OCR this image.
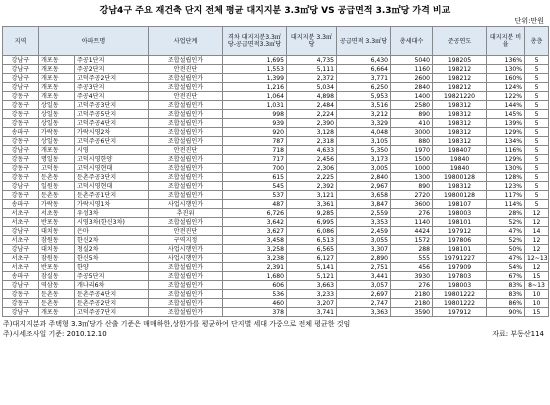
강남4구 주요 재건축 단지 전체 평균 대지지분 3.3㎡당 VS 공급면적 3.3㎡당 가격 비교
단위:만원
지역	아파트명		사업단계	격차 대지지분3.3㎡당-공급면적3.3㎡당	대지지분 3.3㎡당	공급면적 3.3㎡당	총세대수	준공연도	대지지분 비율	총층
강남구	개포동	주공1단지	조합설립인가	1,695	4,735	6,430	5040	198205	136%	5
강남구	개포동	주공2단지	안전진단	1,553	5,111	6,664	1160	198212	130%	5
강남구	개포동	고덕주공2단지	조합설립인가	1,399	2,372	3,771	2600	198212	160%	5
강남구	개포동	주공3단지	조합설립인가	1,216	5,034	6,250	2840	198212	124%	5
강동구	개포동	주공4단지	안전진단	1,064	4,898	5,953	1400	19821220	122%	5
강동구	상일동	고덕주공3단지	조합설립인가	1,031	2,484	3,516	2580	198312	144%	5
강동구	상일동	고덕주공5단지	조합설립인가	998	2,224	3,212	890	198312	145%	5
강동구	상일동	고덕주공4단지	조합설립인가	939	2,390	3,329	410	198312	139%	5
송파구	가락동	가락시영2차	조합설립인가	920	3,128	4,048	3000	198312	129%	5
강동구	상일동	고덕주공6단지	조합설립인가	787	2,318	3,105	880	198312	134%	5
강남구	개포동	시영	안전진단	718	4,633	5,350	1970	198407	116%	5
강동구	명일동	고덕시영한양	조합설립인가	717	2,456	3,173	1500	19840	129%	5
강동구	고덕동	고덕시영현대	조합설립인가	700	2,306	3,005	1000	19840	130%	5
강동구	둔촌동	둔촌주공3단지	조합설립인가	615	2,225	2,840	1300	19800128	128%	5
강남구	일원동	고덕시영현대	조합설립인가	545	2,392	2,967	890	198312	123%	5
강동구	둔촌동	둔촌주공1단지	조합설립인가	537	3,121	3,658	2720	19800128	117%	5
송파구	가락동	가락시영1차	사업시행인가	487	3,361	3,847	3600	198107	114%	5
서초구	서초동	우성3차	추진위	6,726	9,285	2,559	276	198003	28%	12
서초구	반포동	시영3차(한신3차)	조합설립인가	3,642	6,995	3,353	1140	198101	52%	12
강남구	대치동	은마	안전진단	3,627	6,086	2,459	4424	197912	47%	14
서초구	잠원동	한신2차	구역지정	3,458	6,513	3,055	1572	197806	52%	12
강남구	대치동	청실2차	사업시행인가	3,258	6,565	3,307	288	198101	50%	12
서초구	잠원동	한신5차	사업시행인가	3,238	6,127	2,890	555	19791227	47%	12~13
서초구	반포동	한양	조합설립인가	2,391	5,141	2,751	456	197909	54%	12
송파구	잠실동	주공5단지	조합설립인가	1,680	5,121	3,441	3930	197803	67%	15
강남구	역삼동	개나리6차	조합설립인가	606	3,663	3,057	276	198003	83%	8~13
강동구	둔촌동	둔촌주공4단지	조합설립인가	536	3,233	2,697	2180	19801222	83%	10
강동구	둔촌동	둔촌주공2단지	조합설립인가	460	3,207	2,747	2180	19801222	86%	10
강남구	개포동	고덕주공7단지	조합설립인가	378	3,741	3,363	3590	197912	90%	15
주)대지지분과 주택형 3.3㎡당가 산출 기준은 매매하한,상한가를 평균하여 단지별 세대 가중으로 전체 평균한 것임
주)시세조사일 기준: 2010.12.10	자료: 부동산114
